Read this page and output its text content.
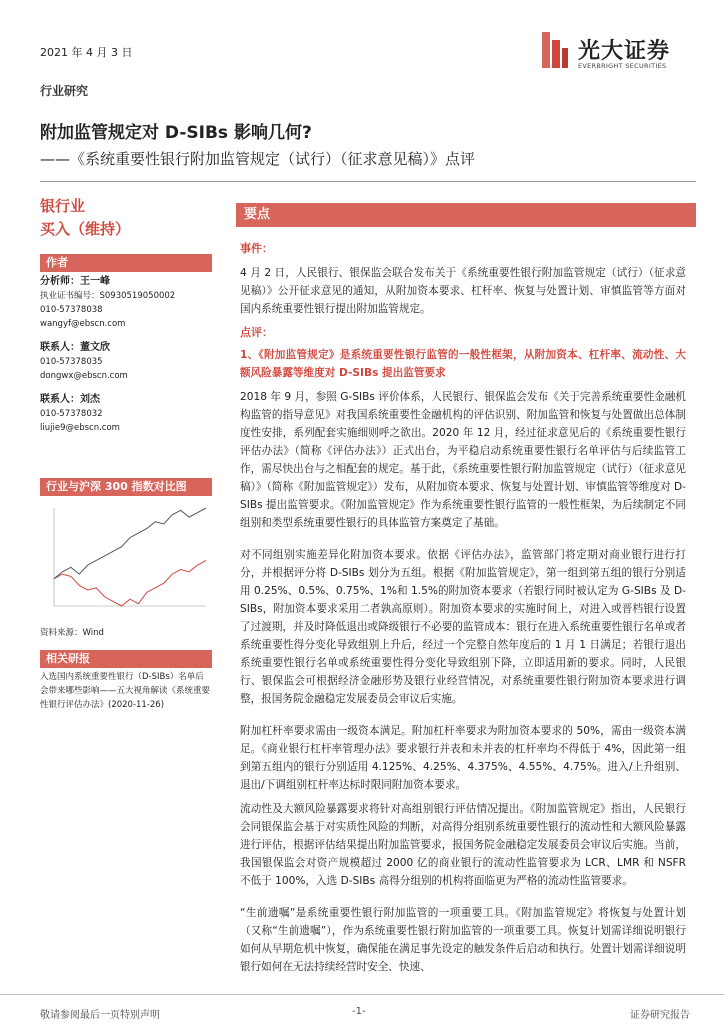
2021 年 4 月 3 日	光大证券
EVERBRIGHT SECURITIES
行业研究
附加监管规定对 D-SIBs 影响几何?
——《系统重要性银行附加监管规定（试行）（征求意见稿）》点评
银行业
买入（维持）
作者
分析师：王一峰
执业证书编号：S0930519050002
010-57378038
wangyf@ebscn.com
联系人：董文欣
010-57378035
dongwx@ebscn.com
联系人：刘杰
010-57378032
liujie9@ebscn.com
行业与沪深 300 指数对比图
资料来源：Wind
相关研报
入选国内系统重要性银行（D-SIBs）名单后会带来哪些影响——五大视角解读《系统重要性银行评估办法》(2020-11-26)
要点
事件：
4 月 2 日，人民银行、银保监会联合发布关于《系统重要性银行附加监管规定（试行）（征求意见稿）》公开征求意见的通知，从附加资本要求、杠杆率、恢复与处置计划、审慎监管等方面对国内系统重要性银行提出附加监管规定。
点评：
1、《附加监管规定》是系统重要性银行监管的一般性框架，从附加资本、杠杆率、流动性、大额风险暴露等维度对 D-SIBs 提出监管要求
2018 年 9 月，参照 G-SIBs 评价体系，人民银行、银保监会发布《关于完善系统重要性金融机构监管的指导意见》对我国系统重要性金融机构的评估识别、附加监管和恢复与处置做出总体制度性安排，系列配套实施细则呼之欲出。2020 年 12 月，经过征求意见后的《系统重要性银行评估办法》（简称《评估办法》）正式出台，为平稳启动系统重要性银行名单评估与后续监管工作，需尽快出台与之相配套的规定。基于此，《系统重要性银行附加监管规定（试行）（征求意见稿）》（简称《附加监管规定》）发布，从附加资本要求、恢复与处置计划、审慎监管等维度对 D-SIBs 提出监管要求。《附加监管规定》作为系统重要性银行监管的一般性框架，为后续制定不同组别和类型系统重要性银行的具体监管方案奠定了基础。
对不同组别实施差异化附加资本要求。依据《评估办法》，监管部门将定期对商业银行进行打分，并根据评分将 D-SIBs 划分为五组。根据《附加监管规定》，第一组到第五组的银行分别适用 0.25%、0.5%、0.75%、1%和 1.5%的附加资本要求（若银行同时被认定为 G-SIBs 及 D-SIBs，附加资本要求采用二者孰高原则）。附加资本要求的实施时间上，对进入或晋档银行设置了过渡期，并及时降低退出或降级银行不必要的监管成本：银行在进入系统重要性银行名单或者系统重要性得分变化导致组别上升后，经过一个完整自然年度后的 1 月 1 日满足；若银行退出系统重要性银行名单或系统重要性得分变化导致组别下降，立即适用新的要求。同时，人民银行、银保监会可根据经济金融形势及银行业经营情况，对系统重要性银行附加资本要求进行调整，报国务院金融稳定发展委员会审议后实施。
附加杠杆率要求需由一级资本满足。附加杠杆率要求为附加资本要求的 50%，需由一级资本满足。《商业银行杠杆率管理办法》要求银行并表和未并表的杠杆率均不得低于 4%，因此第一组到第五组内的银行分别适用 4.125%、4.25%、4.375%、4.55%、4.75%。进入/上升组别、退出/下调组别杠杆率达标时限同附加资本要求。
流动性及大额风险暴露要求将针对高组别银行评估情况提出。《附加监管规定》指出，人民银行会同银保监会基于对实质性风险的判断，对高得分组别系统重要性银行的流动性和大额风险暴露进行评估，根据评估结果提出附加监管要求，报国务院金融稳定发展委员会审议后实施。当前，我国银保监会对资产规模超过 2000 亿的商业银行的流动性监管要求为 LCR、LMR 和 NSFR 不低于 100%，入选 D-SIBs 高得分组别的机构将面临更为严格的流动性监管要求。
“生前遗嘱”是系统重要性银行附加监管的一项重要工具。《附加监管规定》将恢复与处置计划（又称“生前遗嘱”），作为系统重要性银行附加监管的一项重要工具。恢复计划需详细说明银行如何从早期危机中恢复，确保能在满足事先设定的触发条件后启动和执行。处置计划需详细说明银行如何在无法持续经营时安全、快速、
敬请参阅最后一页特别声明	-1-	证券研究报告
